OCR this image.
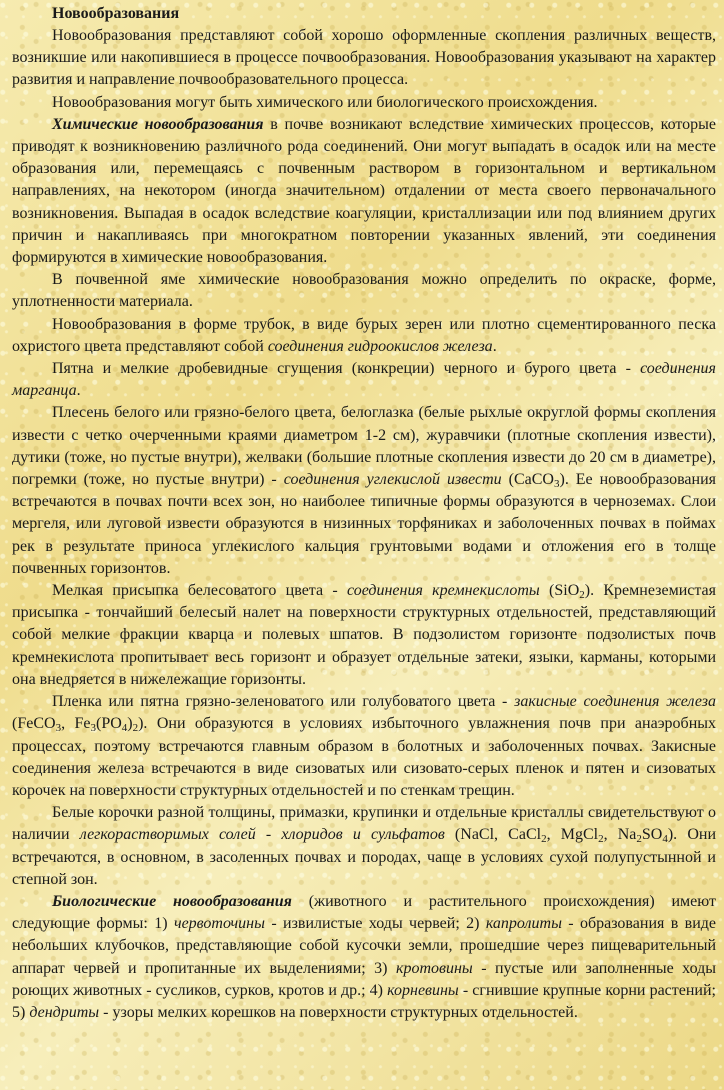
Новообразования

Новообразования представляют собой хорошо оформленные скопления различных веществ, возникшие или накопившиеся в процессе почвообразования. Новообразования указывают на характер развития и направление почвообразовательного процесса.

Новообразования могут быть химического или биологического происхождения.

Химические новообразования в почве возникают вследствие химических процессов, которые приводят к возникновению различного рода соединений. Они могут выпадать в осадок или на месте образования или, перемещаясь с почвенным раствором в горизонтальном и вертикальном направлениях, на некотором (иногда значительном) отдалении от места своего первоначального возникновения. Выпадая в осадок вследствие коагуляции, кристаллизации или под влиянием других причин и накапливаясь при многократном повторении указанных явлений, эти соединения формируются в химические новообразования.

В почвенной яме химические новообразования можно определить по окраске, форме, уплотненности материала.

Новообразования в форме трубок, в виде бурых зерен или плотно сцементированного песка охристого цвета представляют собой соединения гидроокислов железа.

Пятна и мелкие дробевидные сгущения (конкреции) черного и бурого цвета - соединения марганца.

Плесень белого или грязно-белого цвета, белоглазка (белые рыхлые округлой формы скопления извести с четко очерченными краями диаметром 1-2 см), журавчики (плотные скопления извести), дутики (тоже, но пустые внутри), желваки (большие плотные скопления извести до 20 см в диаметре), погремки (тоже, но пустые внутри) - соединения углекислой извести (CaCO$_3$). Ее новообразования встречаются в почвах почти всех зон, но наиболее типичные формы образуются в черноземах. Слои мергеля, или луговой извести образуются в низинных торфяниках и заболоченных почвах в поймах рек в результате приноса углекислого кальция грунтовыми водами и отложения его в толще почвенных горизонтов.

Мелкая присыпка белесоватого цвета - соединения кремнекислоты (SiO$_2$). Кремнеземистая присыпка - тончайший белесый налет на поверхности структурных отдельностей, представляющий собой мелкие фракции кварца и полевых шпатов. В подзолистом горизонте подзолистых почв кремнекислота пропитывает весь горизонт и образует отдельные затеки, языки, карманы, которыми она внедряется в нижележащие горизонты.

Пленка или пятна грязно-зеленоватого или голубоватого цвета - закисные соединения железа (FeCO$_3$, $Fe_3(PO_4)_2$). Они образуются в условиях избыточного увлажнения почв при анаэробных процессах, поэтому встречаются главным образом в болотных и заболоченных почвах. Закисные соединения железа встречаются в виде сизоватых или сизовато-серых пленок и пятен и сизоватых корочек на поверхности структурных отдельностей и по стенкам трещин.

Белые корочки разной толщины, примазки, крупинки и отдельные кристаллы свидетельствуют о наличии легкорастворимых солей - хлоридов и сульфатов (NaCl, CaCl$_2$, MgCl$_2$, $Na_2SO_4$). Они встречаются, в основном, в засоленных почвах и породах, чаще в условиях сухой полупустынной и степной зон.

Биологические новообразования (животного и растительного происхождения) имеют следующие формы: 1) червоточины - извилистые ходы червей; 2) капролиты - образования в виде небольших клубочков, представляющие собой кусочки земли, прошедшие через пищеварительный аппарат червей и пропитанные их выделениями; 3) кротовины - пустые или заполненные ходы роющих животных - сусликов, сурков, кротов и др.; 4) корневины - сгнившие крупные корни растений; 5) дендриты - узоры мелких корешков на поверхности структурных отдельностей.
